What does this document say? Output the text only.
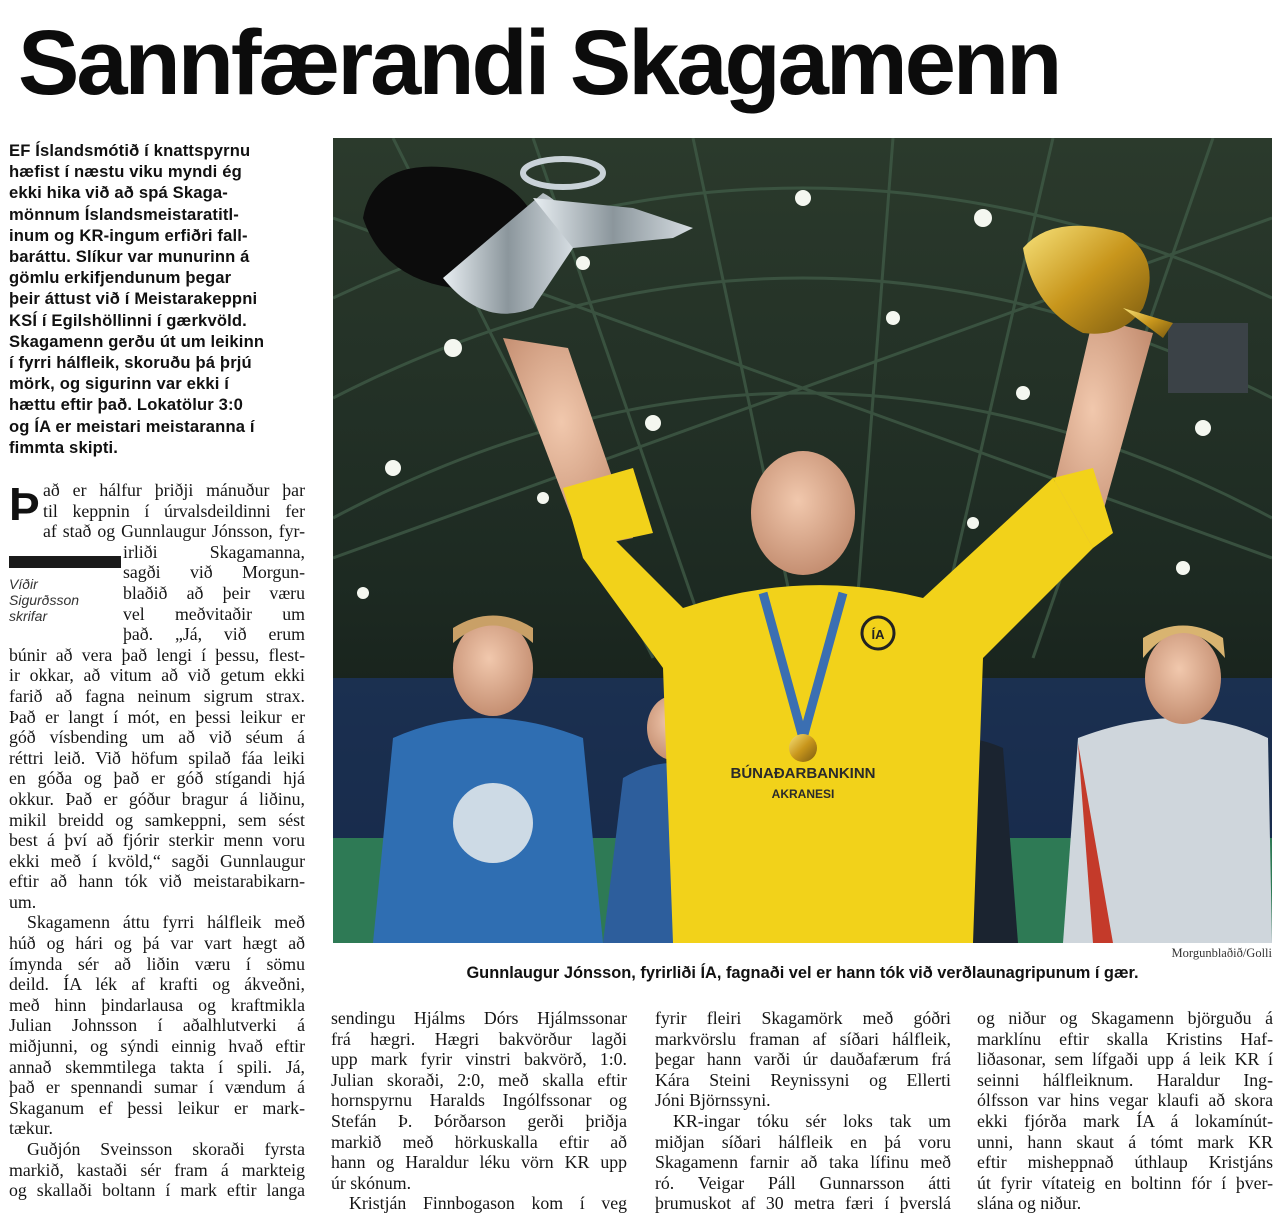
Sannfærandi Skagamenn
EF Íslandsmótið í knattspyrnu
hæfist í næstu viku myndi ég
ekki hika við að spá Skaga-
mönnum Íslandsmeistaratitl-
inum og KR-ingum erfiðri fall-
baráttu. Slíkur var munurinn á
gömlu erkifjendunum þegar
þeir áttust við í Meistarakeppni
KSÍ í Egilshöllinni í gærkvöld.
Skagamenn gerðu út um leikinn
í fyrri hálfleik, skoruðu þá þrjú
mörk, og sigurinn var ekki í
hættu eftir það. Lokatölur 3:0
og ÍA er meistari meistaranna í
fimmta skipti.
Þ
Víðir
Sigurðsson
skrifar
að er hálfur þriðji mánuður þar
til keppnin í úrvalsdeildinni fer
af stað og Gunnlaugur Jónsson, fyr-
irliði Skagamanna,
sagði við Morgun-
blaðið að þeir væru
vel meðvitaðir um
það. „Já, við erum
búnir að vera það lengi í þessu, flest-
ir okkar, að vitum að við getum ekki
farið að fagna neinum sigrum strax.
Það er langt í mót, en þessi leikur er
góð vísbending um að við séum á
réttri leið. Við höfum spilað fáa leiki
en góða og það er góð stígandi hjá
okkur. Það er góður bragur á liðinu,
mikil breidd og samkeppni, sem sést
best á því að fjórir sterkir menn voru
ekki með í kvöld,“ sagði Gunnlaugur
eftir að hann tók við meistarabikarn-
um.
Skagamenn áttu fyrri hálfleik með
húð og hári og þá var vart hægt að
ímynda sér að liðin væru í sömu
deild. ÍA lék af krafti og ákveðni,
með hinn þindarlausa og kraftmikla
Julian Johnsson í aðalhlutverki á
miðjunni, og sýndi einnig hvað eftir
annað skemmtilega takta í spili. Já,
það er spennandi sumar í vændum á
Skaganum ef þessi leikur er mark-
tækur.
Guðjón Sveinsson skoraði fyrsta
markið, kastaði sér fram á markteig
og skallaði boltann í mark eftir langa
sendingu Hjálms Dórs Hjálmssonar
frá hægri. Hægri bakvörður lagði
upp mark fyrir vinstri bakvörð, 1:0.
Julian skoraði, 2:0, með skalla eftir
hornspyrnu Haralds Ingólfssonar og
Stefán Þ. Þórðarson gerði þriðja
markið með hörkuskalla eftir að
hann og Haraldur léku vörn KR upp
úr skónum.
Kristján Finnbogason kom í veg
fyrir fleiri Skagamörk með góðri
markvörslu framan af síðari hálfleik,
þegar hann varði úr dauðafærum frá
Kára Steini Reynissyni og Ellerti
Jóni Björnssyni.
KR-ingar tóku sér loks tak um
miðjan síðari hálfleik en þá voru
Skagamenn farnir að taka lífinu með
ró. Veigar Páll Gunnarsson átti
þrumuskot af 30 metra færi í þverslá
og niður og Skagamenn björguðu á
marklínu eftir skalla Kristins Haf-
liðasonar, sem lífgaði upp á leik KR í
seinni hálfleiknum. Haraldur Ing-
ólfsson var hins vegar klaufi að skora
ekki fjórða mark ÍA á lokamínút-
unni, hann skaut á tómt mark KR
eftir misheppnað úthlaup Kristjáns
út fyrir vítateig en boltinn fór í þver-
slána og niður.
ÍA
BÚNAÐARBANKINN
AKRANESI
Morgunblaðið/Golli
Gunnlaugur Jónsson, fyrirliði ÍA, fagnaði vel er hann tók við verðlaunagripunum í gær.
